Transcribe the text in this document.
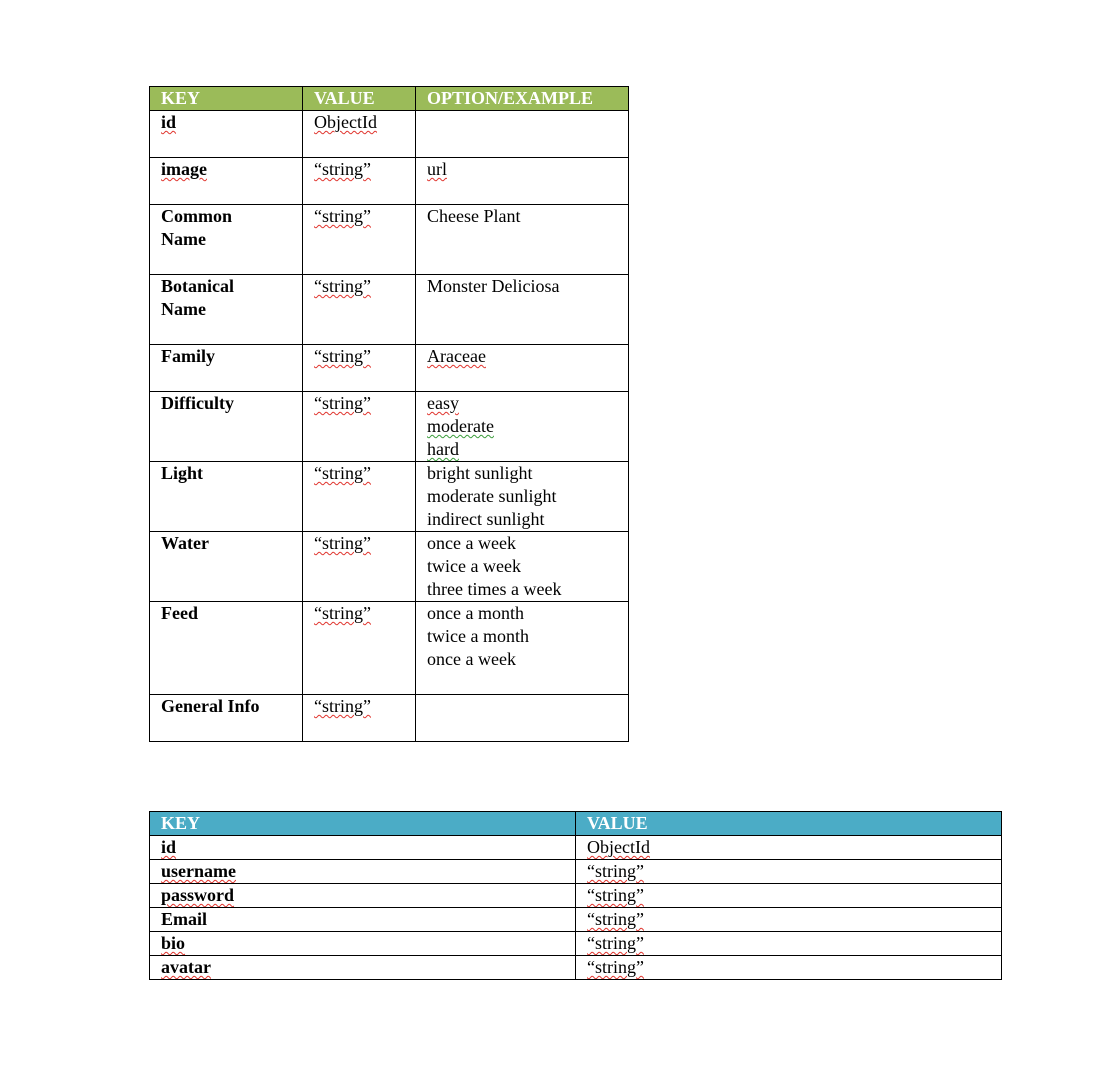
KEY	VALUE	OPTION/EXAMPLE
id	ObjectId	
image	“string”	url
Common Name	“string”	Cheese Plant
Botanical Name	“string”	Monster Deliciosa
Family	“string”	Araceae
Difficulty	“string”	easy
moderate
hard

Light	“string”	bright sunlight
moderate sunlight
indirect sunlight

Water	“string”	once a week
twice a week
three times a week

Feed	“string”	once a month
twice a month
once a week

General Info	“string”	
KEY	VALUE
id	ObjectId
username	“string”
password	“string”
Email	“string”
bio	“string”
avatar	“string”
